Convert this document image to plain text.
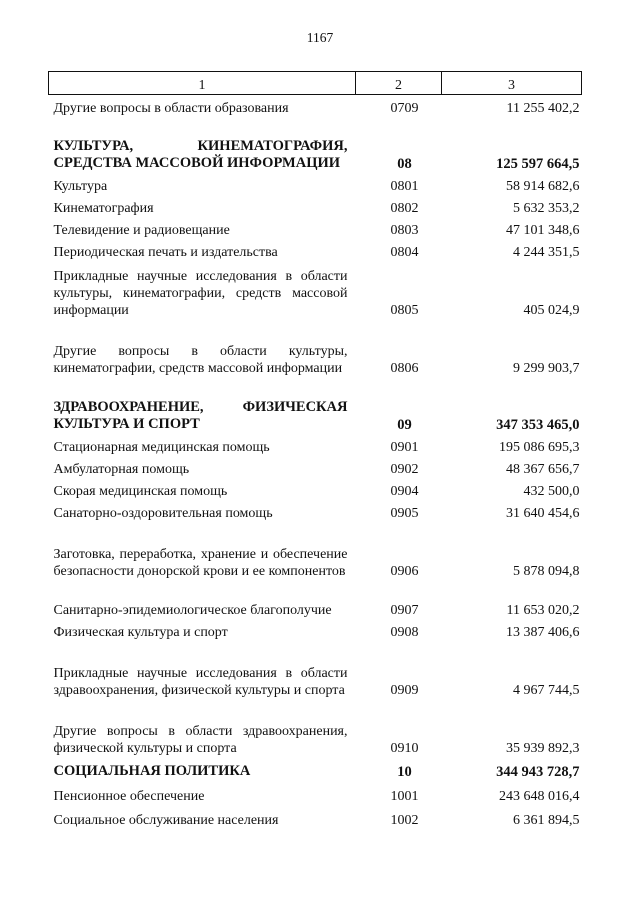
1167
1	2	3
Другие вопросы в области образования	0709	11 255 402,2
КУЛЬТУРА, КИНЕМАТОГРАФИЯ, СРЕДСТВА МАССОВОЙ ИНФОРМАЦИИ	08	125 597 664,5
Культура	0801	58 914 682,6
Кинематография	0802	5 632 353,2
Телевидение и радиовещание	0803	47 101 348,6
Периодическая печать и издательства	0804	4 244 351,5
Прикладные научные исследования в области культуры, кинематографии, средств массовой информации	0805	405 024,9
Другие вопросы в области культуры, кинематографии, средств массовой информации	0806	9 299 903,7
ЗДРАВООХРАНЕНИЕ, ФИЗИЧЕСКАЯ КУЛЬТУРА И СПОРТ	09	347 353 465,0
Стационарная медицинская помощь	0901	195 086 695,3
Амбулаторная помощь	0902	48 367 656,7
Скорая медицинская помощь	0904	432 500,0
Санаторно-оздоровительная помощь	0905	31 640 454,6
Заготовка, переработка, хранение и обеспечение безопасности донорской крови и ее компонентов	0906	5 878 094,8
Санитарно-эпидемиологическое благополучие	0907	11 653 020,2
Физическая культура и спорт	0908	13 387 406,6
Прикладные научные исследования в области здравоохранения, физической культуры и спорта	0909	4 967 744,5
Другие вопросы в области здравоохранения, физической культуры и спорта	0910	35 939 892,3
СОЦИАЛЬНАЯ ПОЛИТИКА	10	344 943 728,7
Пенсионное обеспечение	1001	243 648 016,4
Социальное обслуживание населения	1002	6 361 894,5
